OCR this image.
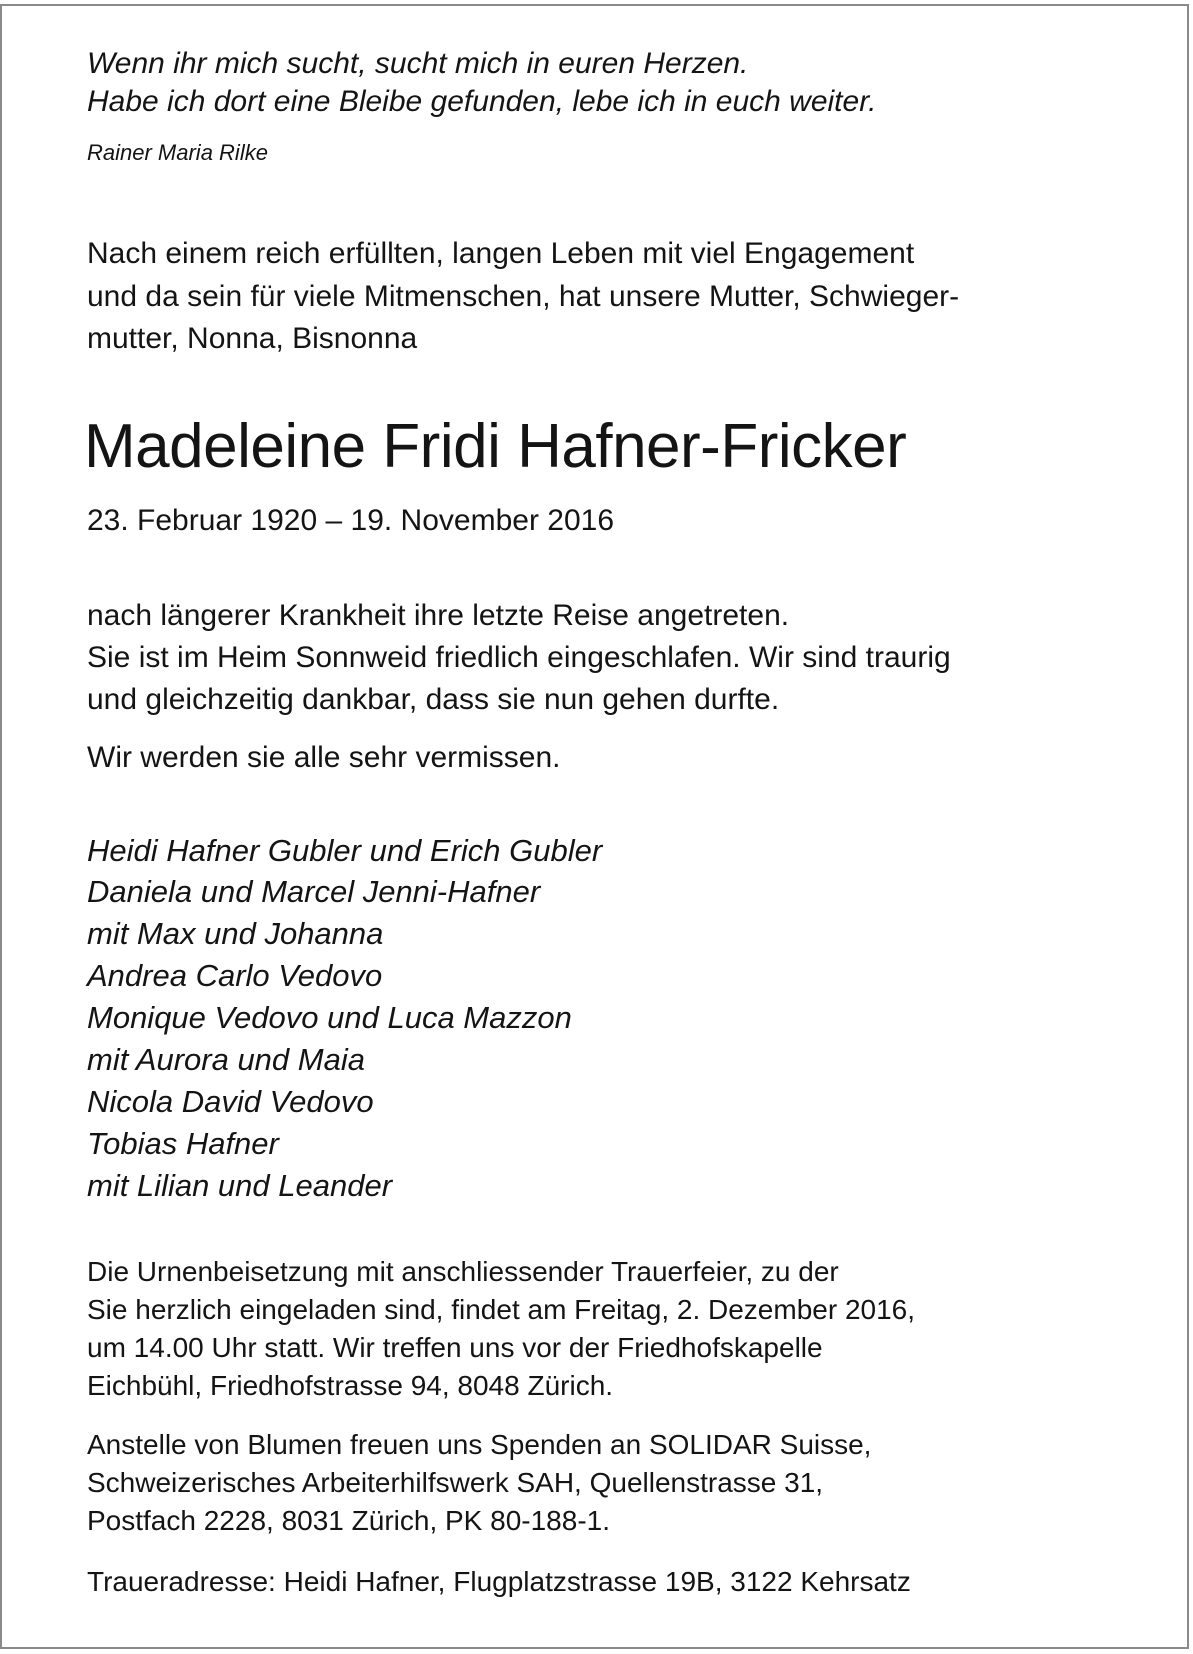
Wenn ihr mich sucht, sucht mich in euren Herzen.

Habe ich dort eine Bleibe gefunden, lebe ich in euch weiter.

Rainer Maria Rilke

Nach einem reich erfüllten, langen Leben mit viel Engagement

und da sein für viele Mitmenschen, hat unsere Mutter, Schwieger-

mutter, Nonna, Bisnonna

Madeleine Fridi Hafner-Fricker

23. Februar 1920 – 19. November 2016

nach längerer Krankheit ihre letzte Reise angetreten.

Sie ist im Heim Sonnweid friedlich eingeschlafen. Wir sind traurig

und gleichzeitig dankbar, dass sie nun gehen durfte.

Wir werden sie alle sehr vermissen.

Heidi Hafner Gubler und Erich Gubler

Daniela und Marcel Jenni-Hafner

mit Max und Johanna

Andrea Carlo Vedovo

Monique Vedovo und Luca Mazzon

mit Aurora und Maia

Nicola David Vedovo

Tobias Hafner

mit Lilian und Leander

Die Urnenbeisetzung mit anschliessender Trauerfeier, zu der

Sie herzlich eingeladen sind, findet am Freitag, 2. Dezember 2016,

um 14.00 Uhr statt. Wir treffen uns vor der Friedhofskapelle

Eichbühl, Friedhofstrasse 94, 8048 Zürich.

Anstelle von Blumen freuen uns Spenden an SOLIDAR Suisse,

Schweizerisches Arbeiterhilfswerk SAH, Quellenstrasse 31,

Postfach 2228, 8031 Zürich, PK 80-188-1.

Traueradresse: Heidi Hafner, Flugplatzstrasse 19B, 3122 Kehrsatz
